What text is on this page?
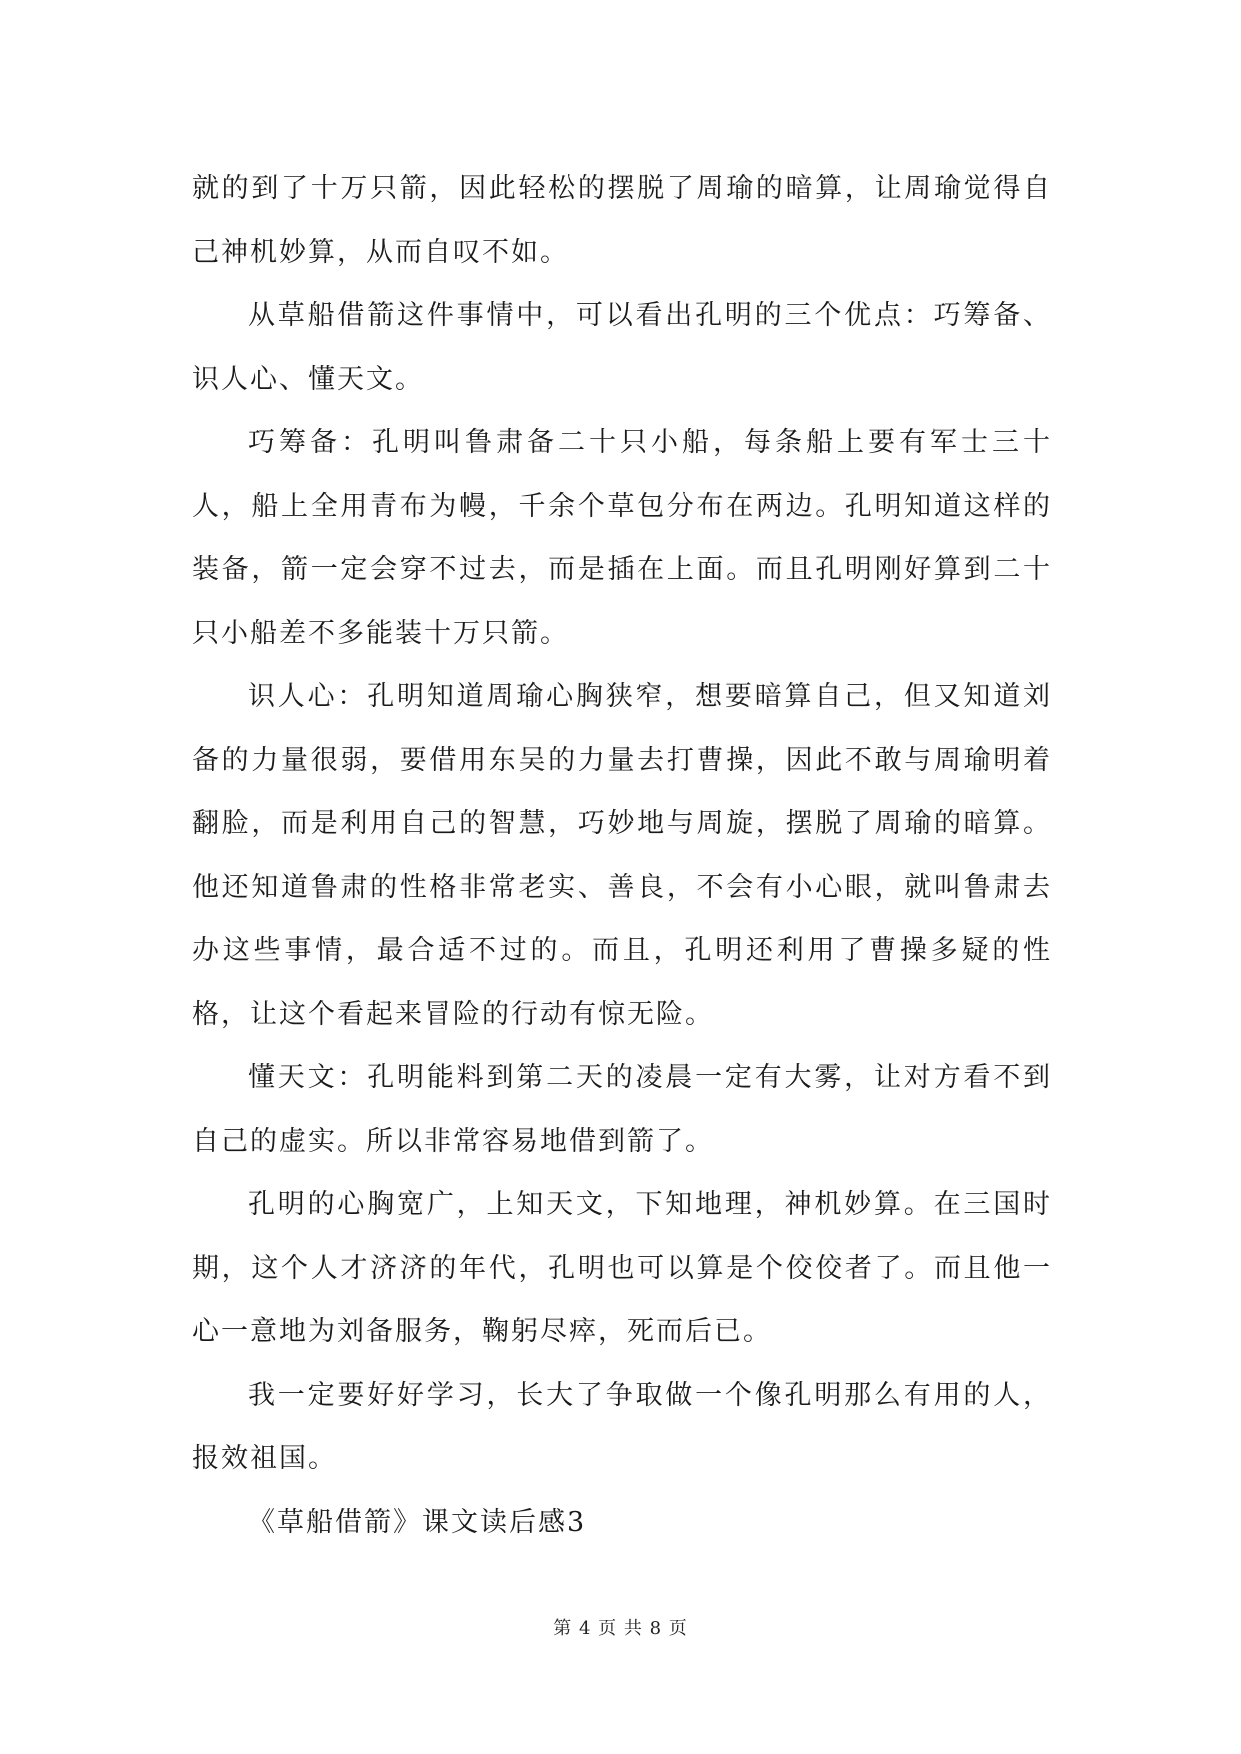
就的到了十万只箭，因此轻松的摆脱了周瑜的暗算，让周瑜觉得自己神机妙算，从而自叹不如。

从草船借箭这件事情中，可以看出孔明的三个优点：巧筹备、识人心、懂天文。

巧筹备：孔明叫鲁肃备二十只小船，每条船上要有军士三十人，船上全用青布为幔，千余个草包分布在两边。孔明知道这样的装备，箭一定会穿不过去，而是插在上面。而且孔明刚好算到二十只小船差不多能装十万只箭。

识人心：孔明知道周瑜心胸狭窄，想要暗算自己，但又知道刘备的力量很弱，要借用东吴的力量去打曹操，因此不敢与周瑜明着翻脸，而是利用自己的智慧，巧妙地与周旋，摆脱了周瑜的暗算。他还知道鲁肃的性格非常老实、善良，不会有小心眼，就叫鲁肃去办这些事情，最合适不过的。而且，孔明还利用了曹操多疑的性格，让这个看起来冒险的行动有惊无险。

懂天文：孔明能料到第二天的凌晨一定有大雾，让对方看不到自己的虚实。所以非常容易地借到箭了。

孔明的心胸宽广，上知天文，下知地理，神机妙算。在三国时期，这个人才济济的年代，孔明也可以算是个佼佼者了。而且他一心一意地为刘备服务，鞠躬尽瘁，死而后已。

我一定要好好学习，长大了争取做一个像孔明那么有用的人，报效祖国。

《草船借箭》课文读后感3

第 4 页 共 8 页
